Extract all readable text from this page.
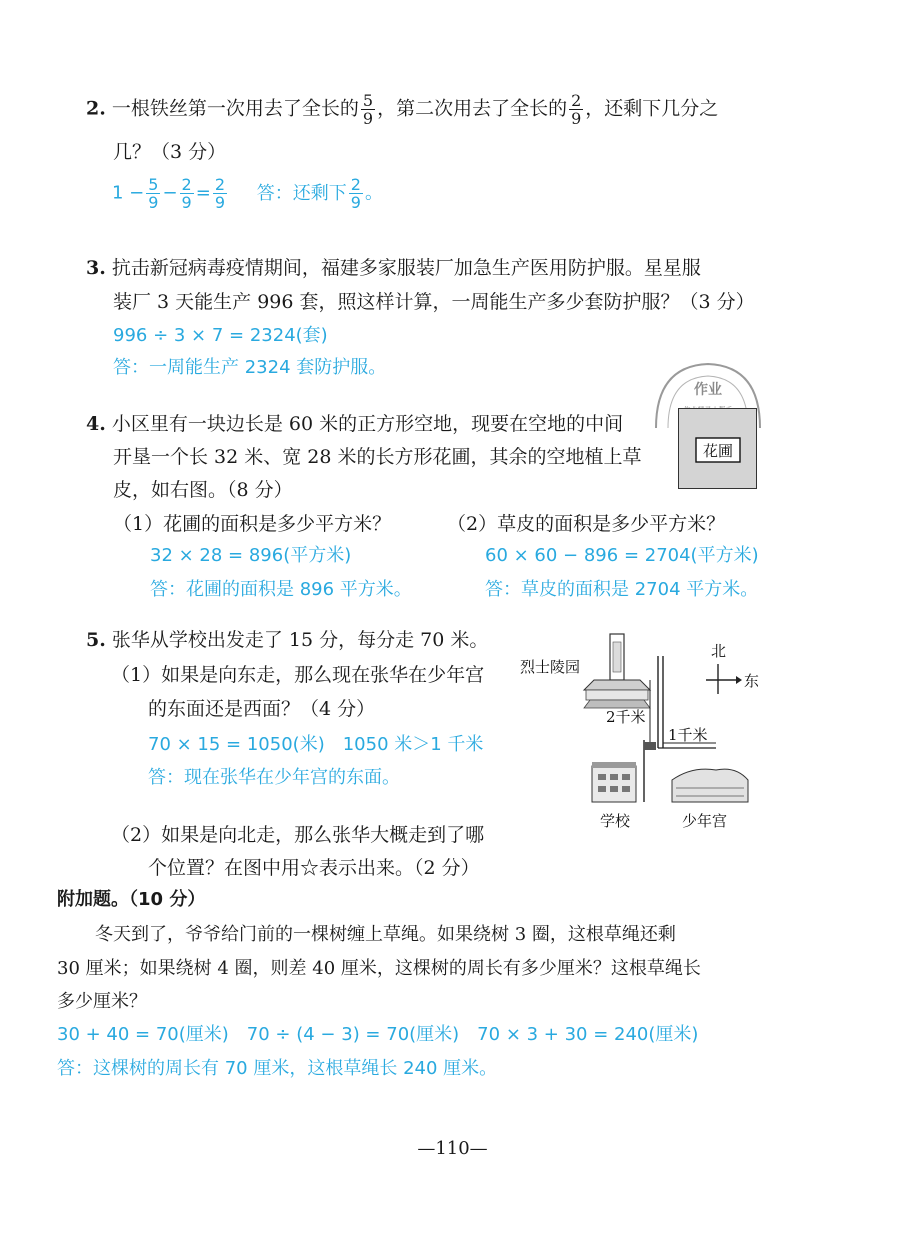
2. 一根铁丝第一次用去了全长的 $\frac{5}{9}$ ，第二次用去了全长的 $\frac{2}{9}$ ，还剩下几分之
几？（3 分）
$1 - \frac{5}{9} - \frac{2}{9} = \frac{2}{9}$ 答：还剩下 $\frac{2}{9}$ 。
3. 抗击新冠病毒疫情期间，福建多家服装厂加急生产医用防护服。星星服
装厂 3 天能生产 996 套，照这样计算，一周能生产多少套防护服？（3 分）
996 ÷ 3 × 7 = 2324(套)
答：一周能生产 2324 套防护服。
作业
4. 小区里有一块边长是 60 米的正方形空地，现要在空地的中间
开垦一个长 32 米、宽 28 米的长方形花圃，其余的空地植上草
皮，如右图。（8 分）
花圃
（1）花圃的面积是多少平方米？	（2）草皮的面积是多少平方米？
32 × 28 = 896(平方米)
答：花圃的面积是 896 平方米。
60 × 60 − 896 = 2704(平方米)
答：草皮的面积是 2704 平方米。
5. 张华从学校出发走了 15 分，每分走 70 米。
（1）如果是向东走，那么现在张华在少年宫
的东面还是西面？（4 分）
70 × 15 = 1050(米)　1050 米＞1 千米
答：现在张华在少年宫的东面。
（2）如果是向北走，那么张华大概走到了哪
个位置？在图中用☆表示出来。（2 分）
烈士陵园
2千米
1千米
北
东
学校	少年宫
附加题。（10 分）
冬天到了，爷爷给门前的一棵树缠上草绳。如果绕树 3 圈，这根草绳还剩
30 厘米；如果绕树 4 圈，则差 40 厘米，这棵树的周长有多少厘米？这根草绳长
多少厘米？
30 + 40 = 70(厘米)　70 ÷ (4 − 3) = 70(厘米)　70 × 3 + 30 = 240(厘米)
答：这棵树的周长有 70 厘米，这根草绳长 240 厘米。
—110—
